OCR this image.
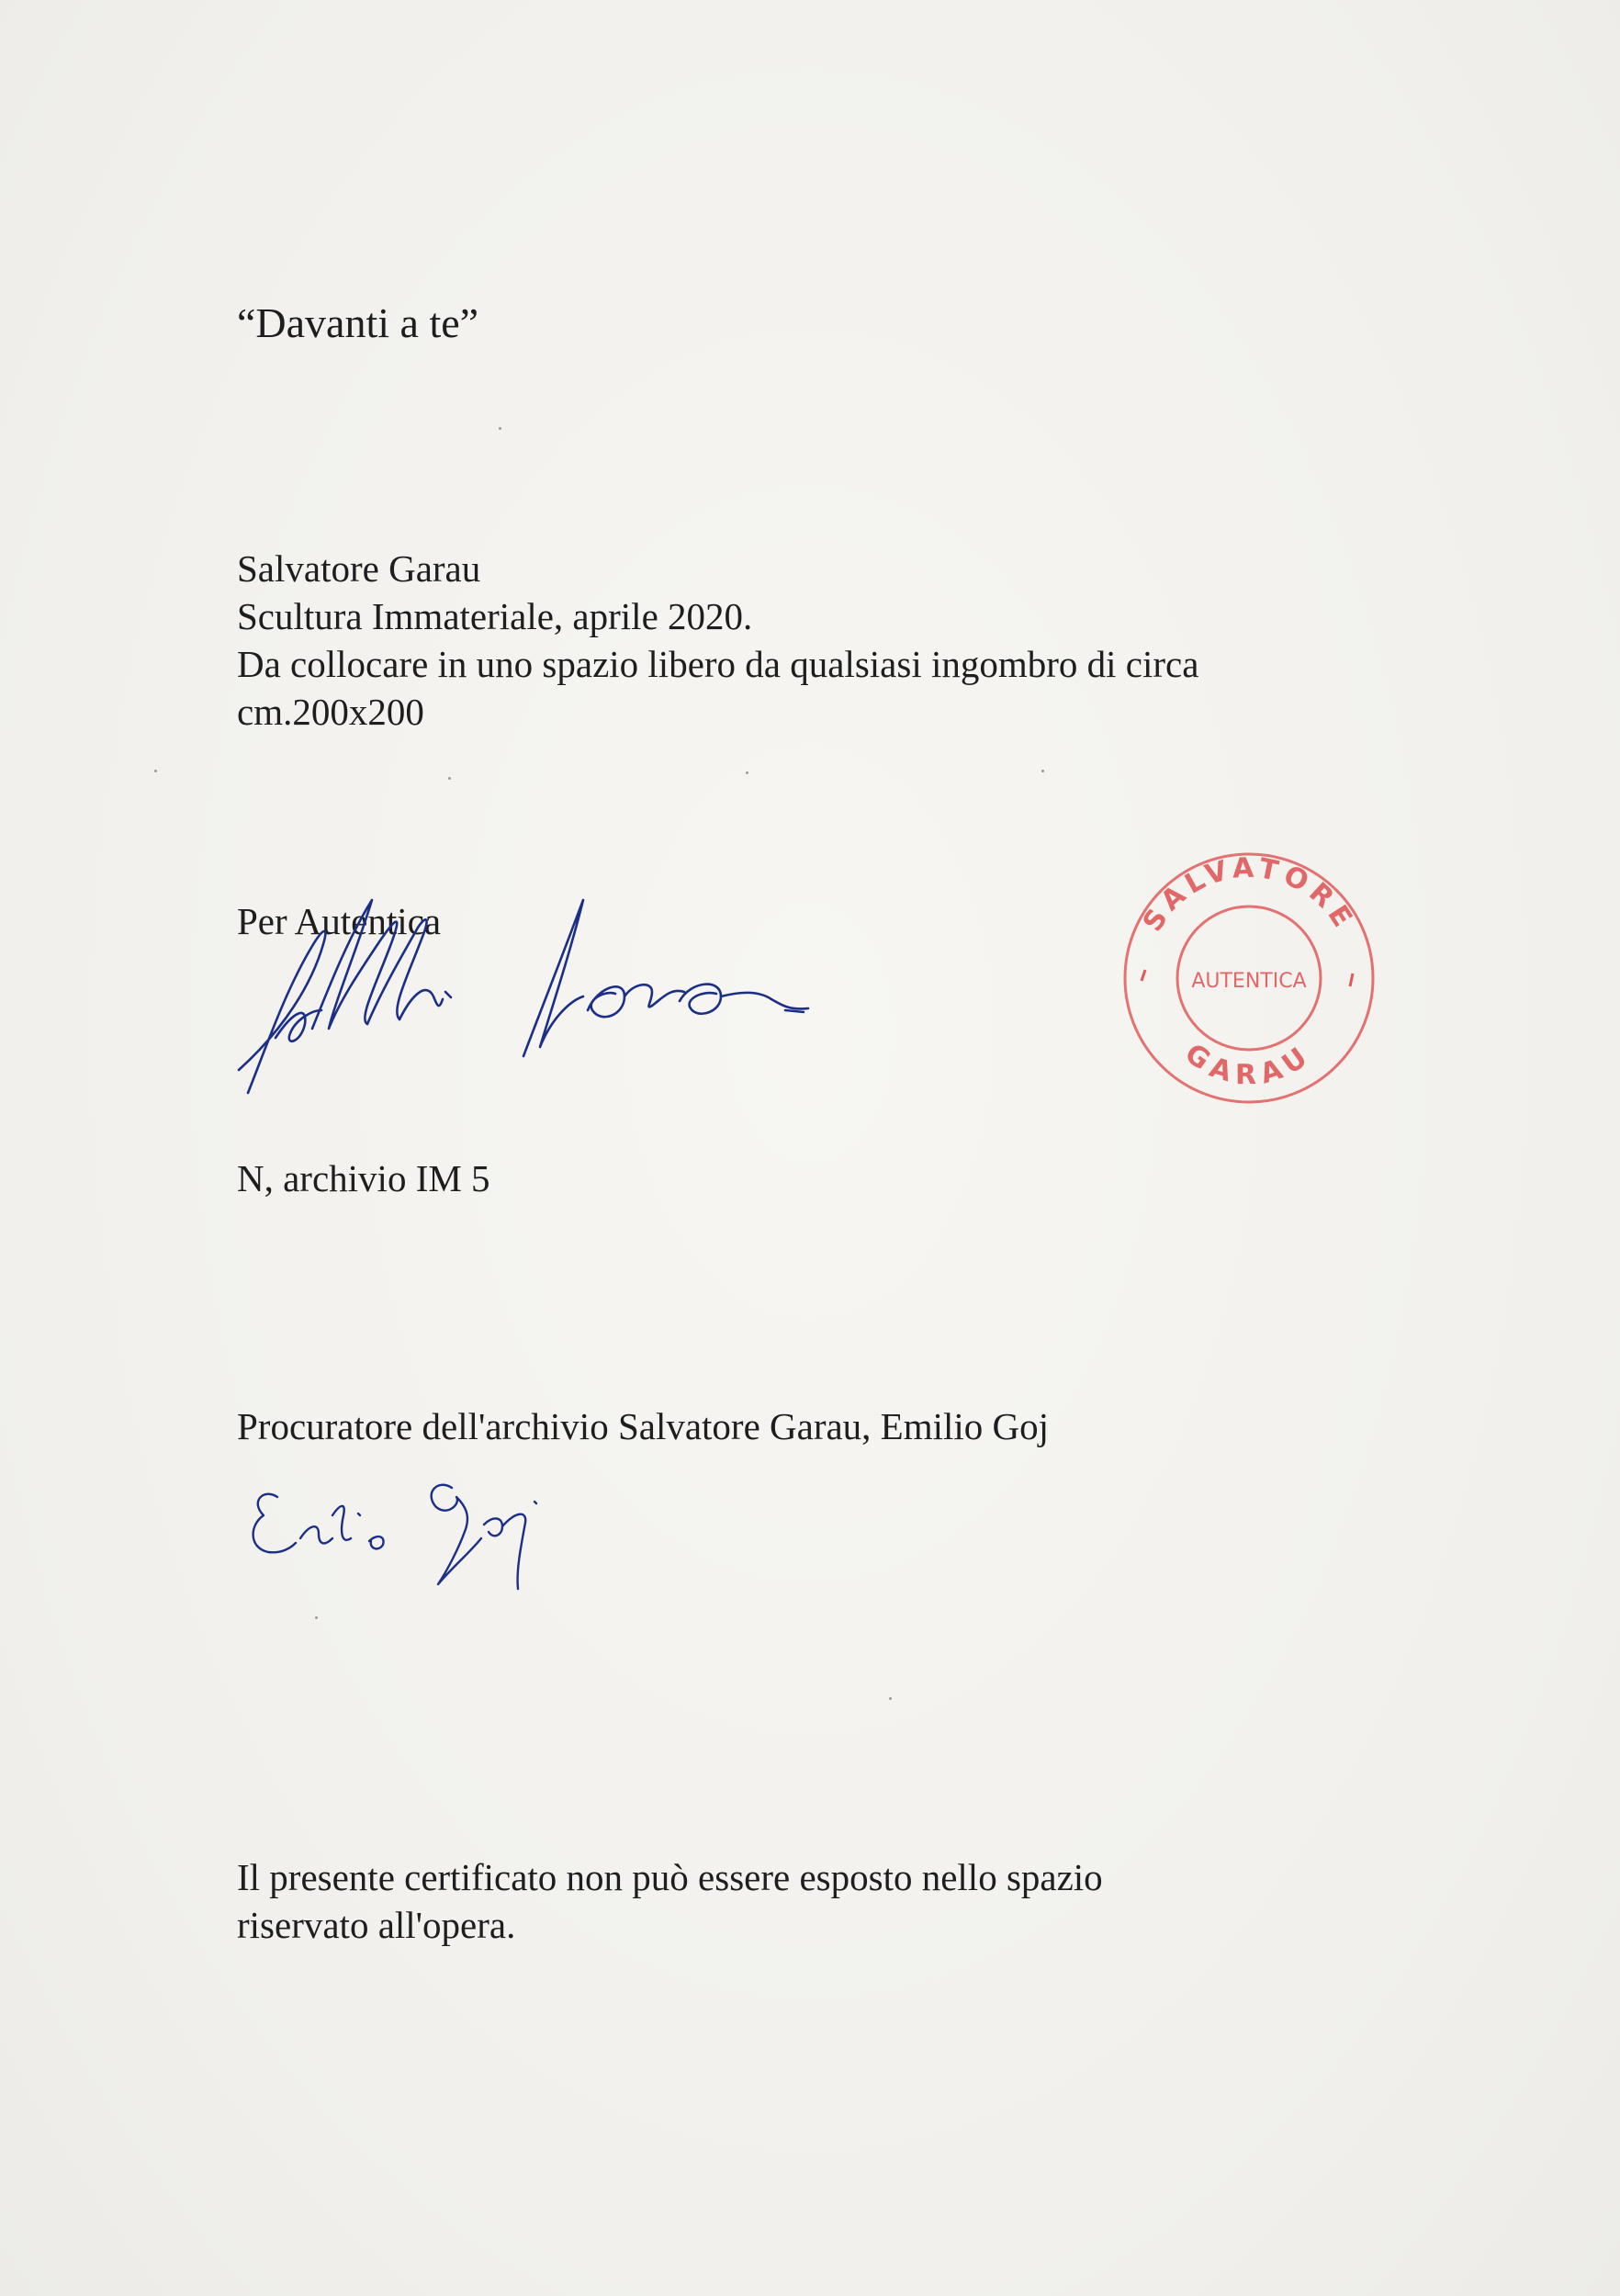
“Davanti a te”
Salvatore Garau
Scultura Immateriale, aprile 2020.
Da collocare in uno spazio libero da qualsiasi ingombro di circa
cm.200x200
Per Autentica	SALVATORE
AUTENTICA
GARAU
N, archivio IM 5
Procuratore dell'archivio Salvatore Garau, Emilio Goj
Il presente certificato non può essere esposto nello spazio
riservato all'opera.
